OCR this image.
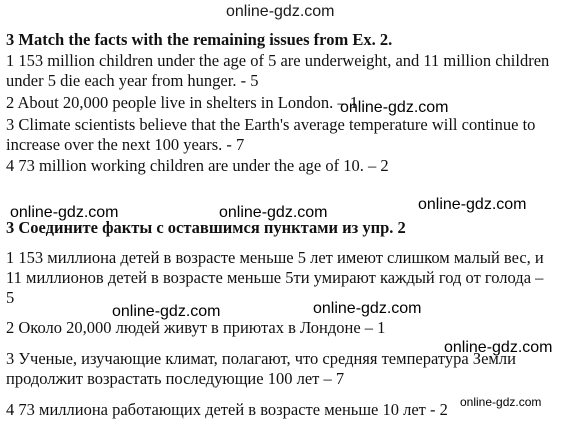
3 Match the facts with the remaining issues from Ex. 2.
1 153 million children under the age of 5 are underweight, and 11 million children
under 5 die each year from hunger. - 5
2 About 20,000 people live in shelters in London. – 1
3 Climate scientists believe that the Earth's average temperature will continue to
increase over the next 100 years. - 7
4 73 million working children are under the age of 10. – 2
3 Соедините факты с оставшимся пунктами из упр. 2
1 153 миллиона детей в возрасте меньше 5 лет имеют слишком малый вес, и
11 миллионов детей в возрасте меньше 5ти умирают каждый год от голода –
5
2 Около 20,000 людей живут в приютах в Лондоне – 1
3 Ученые, изучающие климат, полагают, что средняя температура Земли
продолжит возрастать последующие 100 лет – 7
4 73 миллиона работающих детей в возрасте меньше 10 лет - 2
online-gdz.com
online-gdz.com
online-gdz.com
online-gdz.com	online-gdz.com
online-gdz.com	online-gdz.com
online-gdz.com
online-gdz.com
